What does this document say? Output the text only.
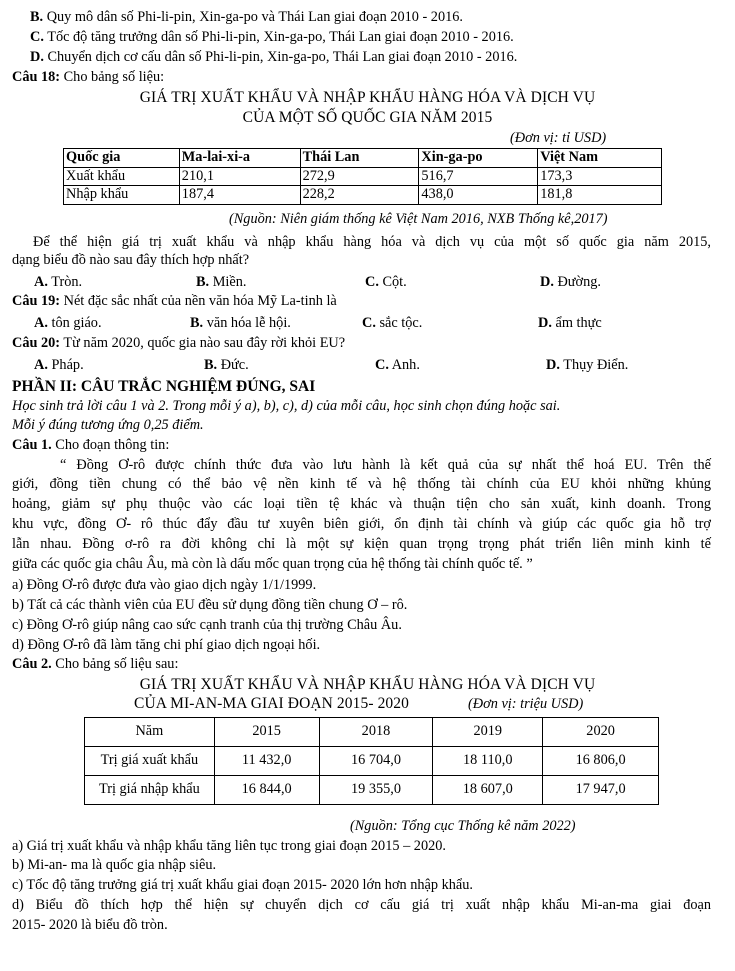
B. Quy mô dân số Phi-li-pin, Xin-ga-po và Thái Lan giai đoạn 2010 - 2016.
C. Tốc độ tăng trưởng dân số Phi-li-pin, Xin-ga-po, Thái Lan giai đoạn 2010 - 2016.
D. Chuyển dịch cơ cấu dân số Phi-li-pin, Xin-ga-po, Thái Lan giai đoạn 2010 - 2016.
Câu 18: Cho bảng số liệu:
GIÁ TRỊ XUẤT KHẨU VÀ NHẬP KHẨU HÀNG HÓA VÀ DỊCH VỤ
CỦA MỘT SỐ QUỐC GIA NĂM 2015
(Đơn vị: tỉ USD)
Quốc gia	Ma-lai-xi-a	Thái Lan	Xin-ga-po	Việt Nam
Xuất khẩu	210,1	272,9	516,7	173,3
Nhập khẩu	187,4	228,2	438,0	181,8
(Nguồn: Niên giám thống kê Việt Nam 2016, NXB Thống kê,2017)
Để thể hiện giá trị xuất khẩu và nhập khẩu hàng hóa và dịch vụ của một số quốc gia năm 2015,
dạng biểu đồ nào sau đây thích hợp nhất?
A. Tròn.	B. Miền.	C. Cột.	D. Đường.
Câu 19: Nét đặc sắc nhất của nền văn hóa Mỹ La-tinh là
A. tôn giáo.	B. văn hóa lễ hội.	C. sắc tộc.	D. ẩm thực
Câu 20: Từ năm 2020, quốc gia nào sau đây rời khỏi EU?
A. Pháp.	B. Đức.	C. Anh.	D. Thụy Điển.
PHẦN II: CÂU TRẮC NGHIỆM ĐÚNG, SAI
Học sinh trả lời câu 1 và 2. Trong mỗi ý a), b), c), d) của mỗi câu, học sinh chọn đúng hoặc sai.
Mỗi ý đúng tương ứng 0,25 điểm.
Câu 1. Cho đoạn thông tin:
“ Đồng Ơ-rô được chính thức đưa vào lưu hành là kết quả của sự nhất thể hoá EU. Trên thế
giới, đồng tiền chung có thể bảo vệ nền kinh tế và hệ thống tài chính của EU khỏi những khủng
hoảng, giảm sự phụ thuộc vào các loại tiền tệ khác và thuận tiện cho sản xuất, kinh doanh. Trong
khu vực, đồng Ơ- rô thúc đẩy đầu tư xuyên biên giới, ổn định tài chính và giúp các quốc gia hỗ trợ
lẫn nhau. Đồng ơ-rô ra đời không chỉ là một sự kiện quan trọng trọng phát triển liên minh kinh tế
giữa các quốc gia châu Âu, mà còn là dấu mốc quan trọng của hệ thống tài chính quốc tế. ”
a) Đồng Ơ-rô được đưa vào giao dịch ngày 1/1/1999.
b) Tất cả các thành viên của EU đều sử dụng đồng tiền chung Ơ – rô.
c) Đồng Ơ-rô giúp nâng cao sức cạnh tranh của thị trường Châu Âu.
d) Đồng Ơ-rô đã làm tăng chi phí giao dịch ngoại hối.
Câu 2. Cho bảng số liệu sau:
GIÁ TRỊ XUẤT KHẨU VÀ NHẬP KHẨU HÀNG HÓA VÀ DỊCH VỤ
CỦA MI-AN-MA GIAI ĐOẠN 2015- 2020	(Đơn vị: triệu USD)
Năm	2015	2018	2019	2020
Trị giá xuất khẩu	11 432,0	16 704,0	18 110,0	16 806,0
Trị giá nhập khẩu	16 844,0	19 355,0	18 607,0	17 947,0
(Nguồn: Tổng cục Thống kê năm 2022)
a) Giá trị xuất khẩu và nhập khẩu tăng liên tục trong giai đoạn 2015 – 2020.
b) Mi-an- ma là quốc gia nhập siêu.
c) Tốc độ tăng trưởng giá trị xuất khẩu giai đoạn 2015- 2020 lớn hơn nhập khẩu.
d) Biểu đồ thích hợp thể hiện sự chuyển dịch cơ cấu giá trị xuất nhập khẩu Mi-an-ma giai đoạn
2015- 2020 là biểu đồ tròn.
